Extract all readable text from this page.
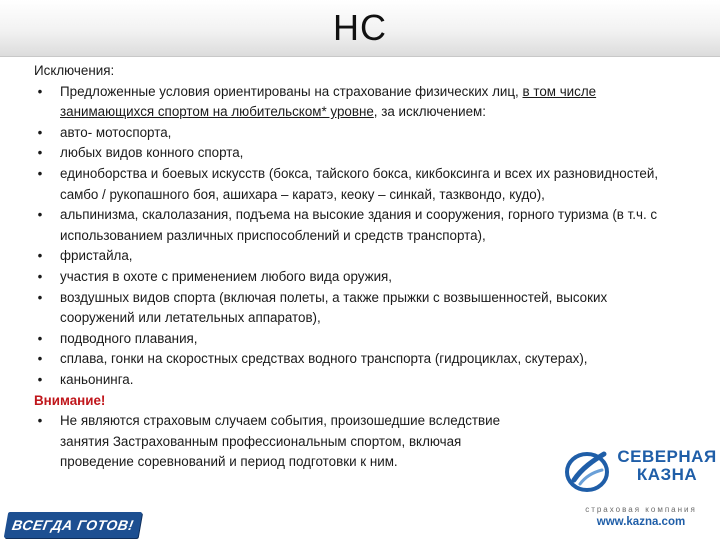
НС

Исключения:

• Предложенные условия ориентированы на страхование физических лиц, в том числе занимающихся спортом на любительском* уровне, за исключением:
• авто- мотоспорта,
• любых видов конного спорта,
• единоборства и боевых искусств (бокса, тайского бокса, кикбоксинга и всех их разновидностей, самбо / рукопашного боя, ашихара – каратэ, кеоку – синкай, тазквондо, кудо),
• альпинизма, скалолазания, подъема на высокие здания и сооружения, горного туризма (в т.ч. с использованием различных приспособлений и средств транспорта),
• фристайла,
• участия в охоте с применением любого вида оружия,
• воздушных видов спорта (включая полеты, а также прыжки с возвышенностей, высоких сооружений или летательных аппаратов),
• подводного плавания,
• сплава, гонки на скоростных средствах водного транспорта (гидроциклах, скутерах),
• каньонинга.

Внимание!

• Не являются страховым случаем события, произошедшие вследствие занятия Застрахованным профессиональным спортом, включая проведение соревнований и период подготовки к ним.	СЕВЕРНАЯ
КАЗНА
страховая компания
www.kazna.com
ВСЕГДА ГОТОВ!
